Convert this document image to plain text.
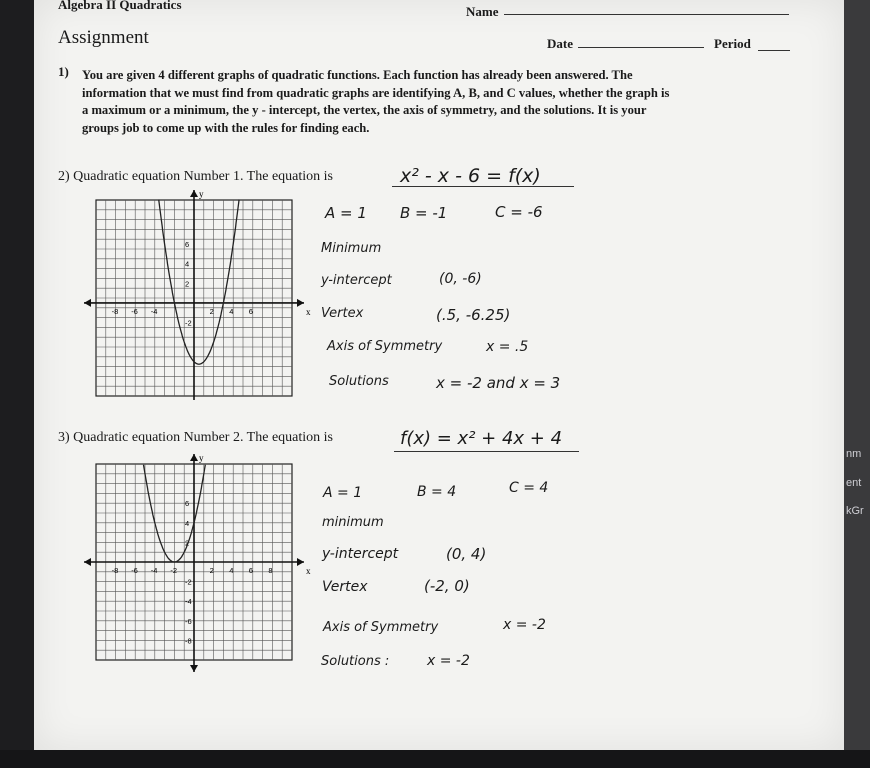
nm
ent
kGr
Algebra II Quadratics	Name
Assignment	Date	Period
1) You are given 4 different graphs of quadratic functions. Each function has already been answered. The
information that we must find from quadratic graphs are identifying A, B, and C values, whether the graph is
a maximum or a minimum, the y - intercept, the vertex, the axis of symmetry, and the solutions. It is your
groups job to come up with the rules for finding each.
2) Quadratic equation Number 1. The equation is	x² - x - 6 = f(x)
x
y
-8 -6 -4	2 4 6
6
4
2
-2
A = 1 B = -1	C = -6
Minimum
y-intercept	(0, -6)
Vertex	(.5, -6.25)
Axis of Symmetry	x = .5
Solutions	x = -2 and x = 3
3) Quadratic equation Number 2. The equation is	f(x) = x² + 4x + 4
x
y
-8 -6 -4 -2	2 4 6 8
6
4
2
-2
-4
-6
-8
A = 1	B = 4	C = 4
minimum
y-intercept	(0, 4)
Vertex	(-2, 0)
Axis of Symmetry	x = -2
Solutions :	x = -2
